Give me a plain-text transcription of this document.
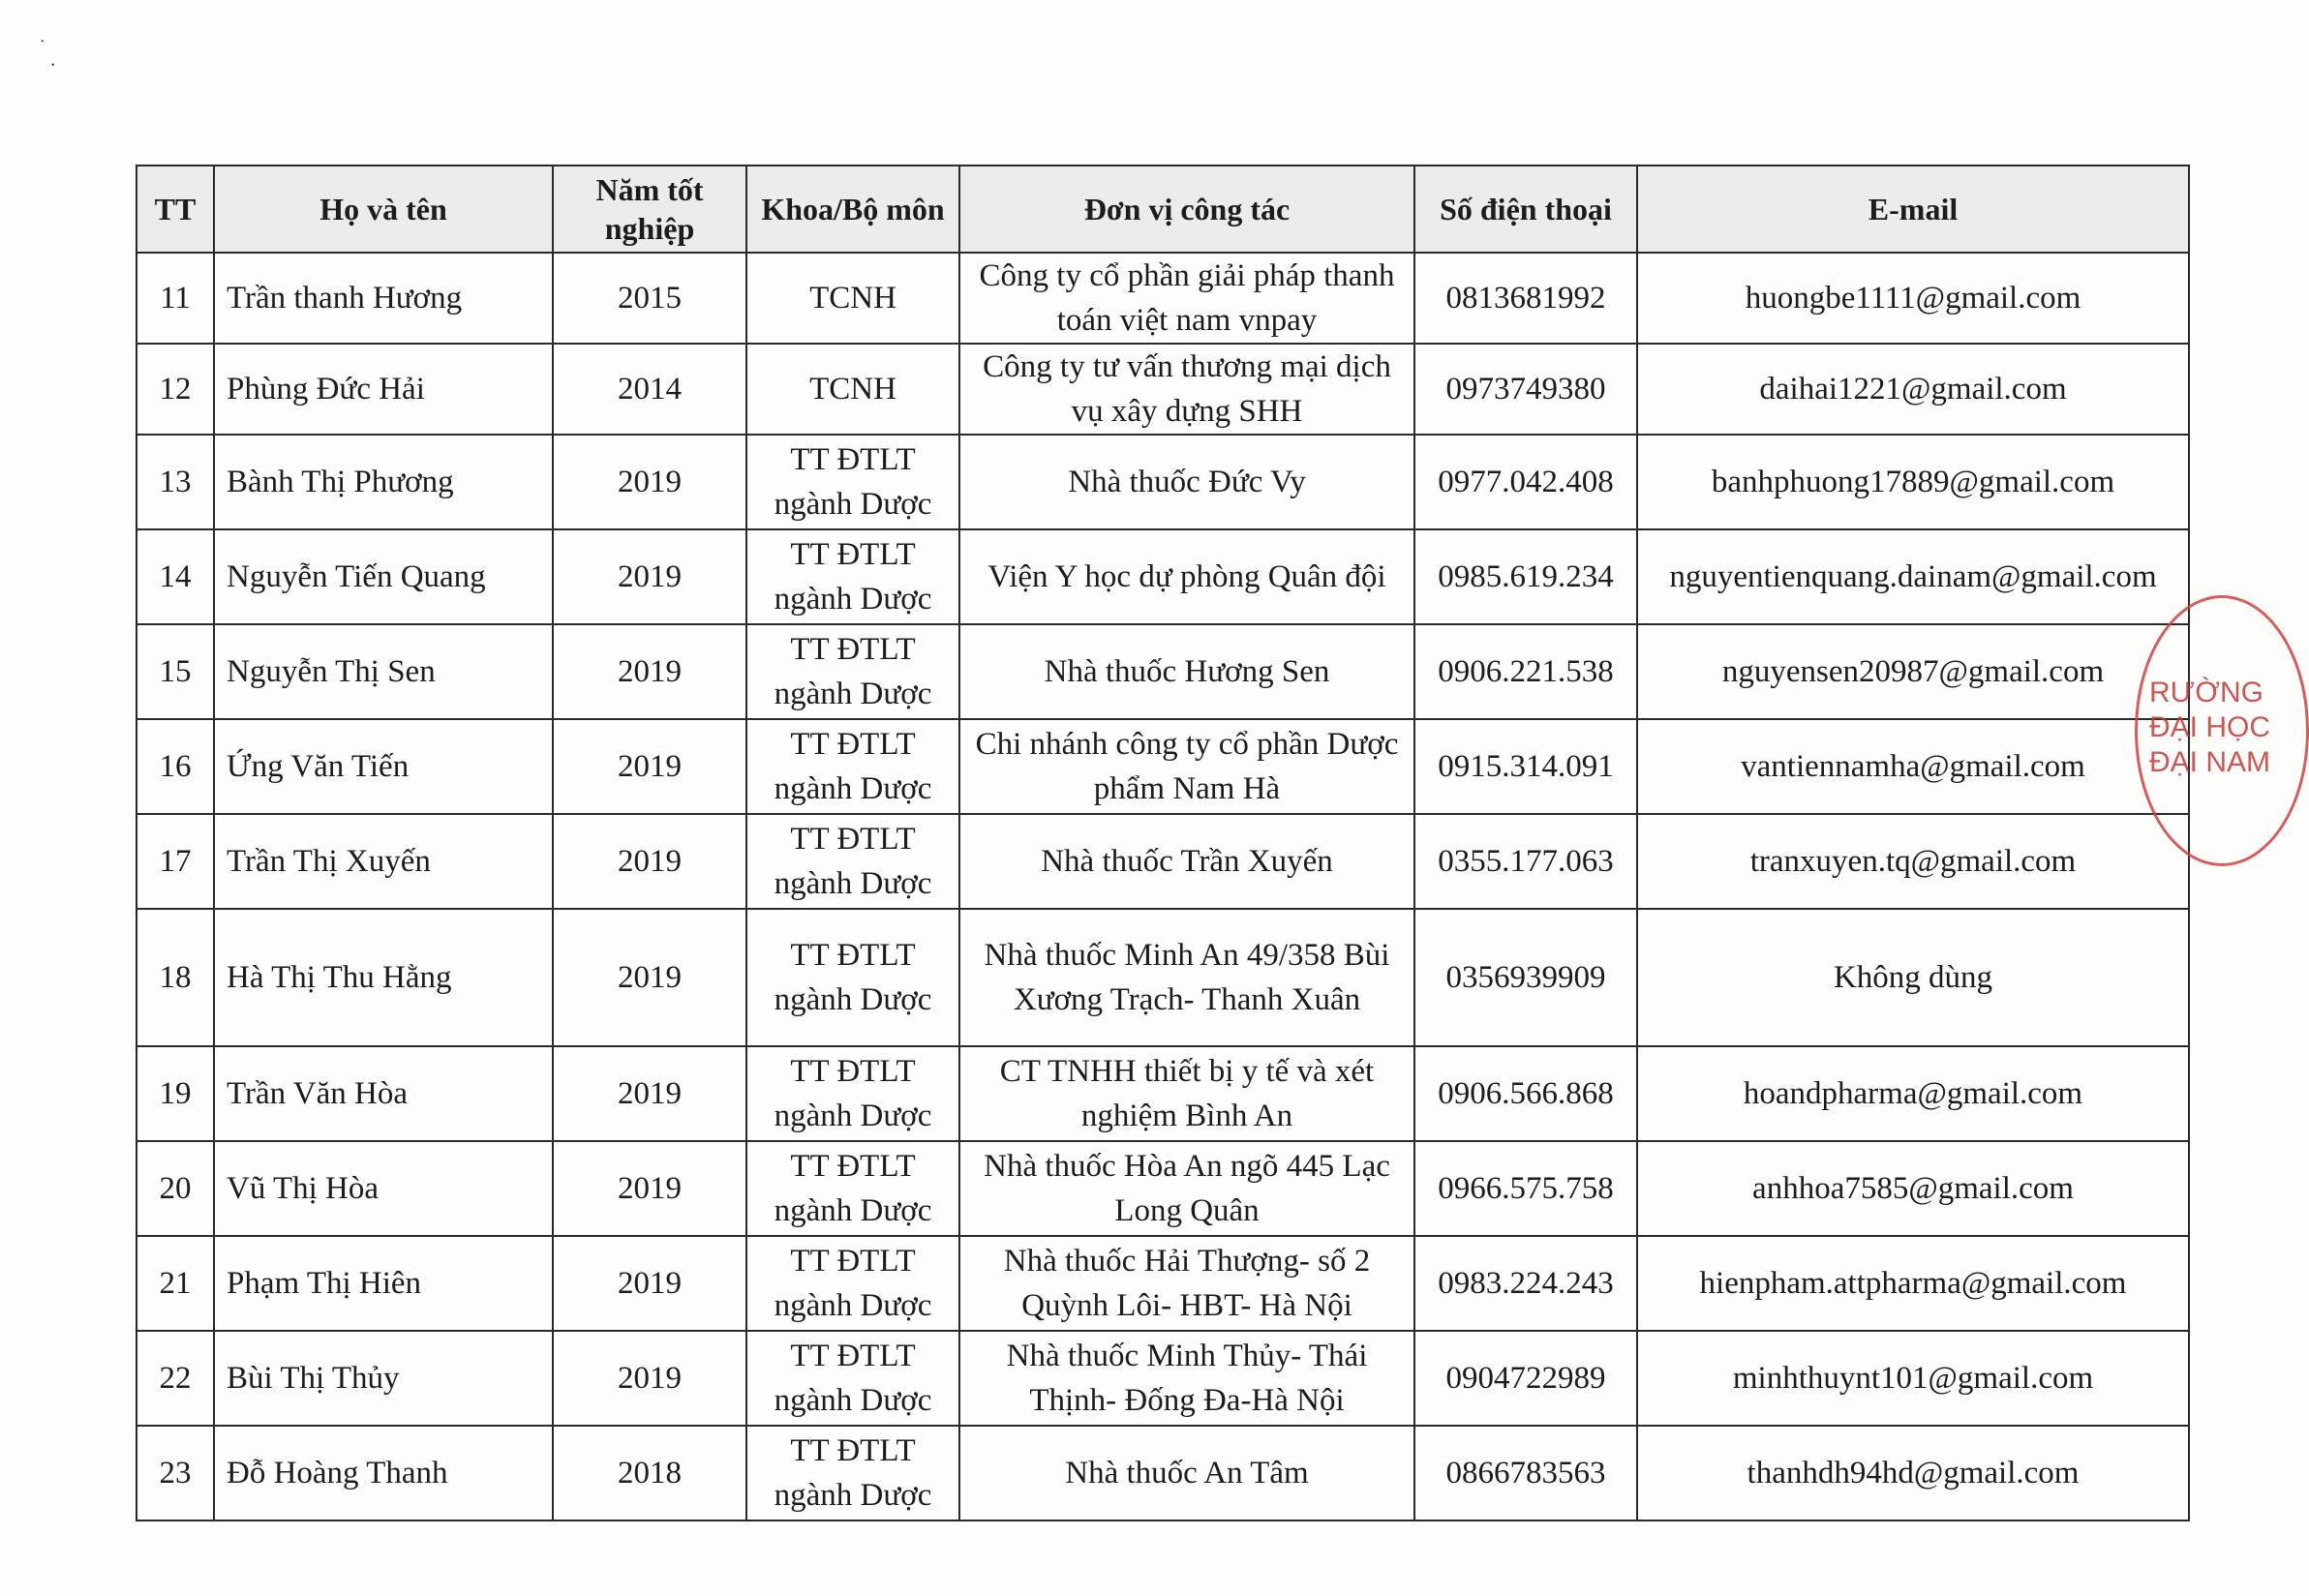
˙
·
TT	Họ và tên	Năm tốt nghiệp	Khoa/Bộ môn	Đơn vị công tác	Số điện thoại	E-mail
11	Trần thanh Hương	2015	TCNH	Công ty cổ phần giải pháp thanh toán việt nam vnpay	0813681992	huongbe1111@gmail.com
12	Phùng Đức Hải	2014	TCNH	Công ty tư vấn thương mại dịch vụ xây dựng SHH	0973749380	daihai1221@gmail.com
13	Bành Thị Phương	2019	TT ĐTLT ngành Dược	Nhà thuốc Đức Vy	0977.042.408	banhphuong17889@gmail.com
14	Nguyễn Tiến Quang	2019	TT ĐTLT ngành Dược	Viện Y học dự phòng Quân đội	0985.619.234	nguyentienquang.dainam@gmail.com
15	Nguyễn Thị Sen	2019	TT ĐTLT ngành Dược	Nhà thuốc Hương Sen	0906.221.538	nguyensen20987@gmail.com
16	Ứng Văn Tiến	2019	TT ĐTLT ngành Dược	Chi nhánh công ty cổ phần Dược phẩm Nam Hà	0915.314.091	vantiennamha@gmail.com
17	Trần Thị Xuyến	2019	TT ĐTLT ngành Dược	Nhà thuốc Trần Xuyến	0355.177.063	tranxuyen.tq@gmail.com
18	Hà Thị Thu Hằng	2019	TT ĐTLT ngành Dược	Nhà thuốc Minh An 49/358 Bùi Xương Trạch- Thanh Xuân	0356939909	Không dùng
19	Trần Văn Hòa	2019	TT ĐTLT ngành Dược	CT TNHH thiết bị y tế và xét nghiệm Bình An	0906.566.868	hoandpharma@gmail.com
20	Vũ Thị Hòa	2019	TT ĐTLT ngành Dược	Nhà thuốc Hòa An ngõ 445 Lạc Long Quân	0966.575.758	anhhoa7585@gmail.com
21	Phạm Thị Hiên	2019	TT ĐTLT ngành Dược	Nhà thuốc Hải Thượng- số 2 Quỳnh Lôi- HBT- Hà Nội	0983.224.243	hienpham.attpharma@gmail.com
22	Bùi Thị Thủy	2019	TT ĐTLT ngành Dược	Nhà thuốc Minh Thủy- Thái Thịnh- Đống Đa-Hà Nội	0904722989	minhthuynt101@gmail.com
23	Đỗ Hoàng Thanh	2018	TT ĐTLT ngành Dược	Nhà thuốc An Tâm	0866783563	thanhdh94hd@gmail.com
RƯỜNG
ĐẠI HỌC
ĐẠI NAM
